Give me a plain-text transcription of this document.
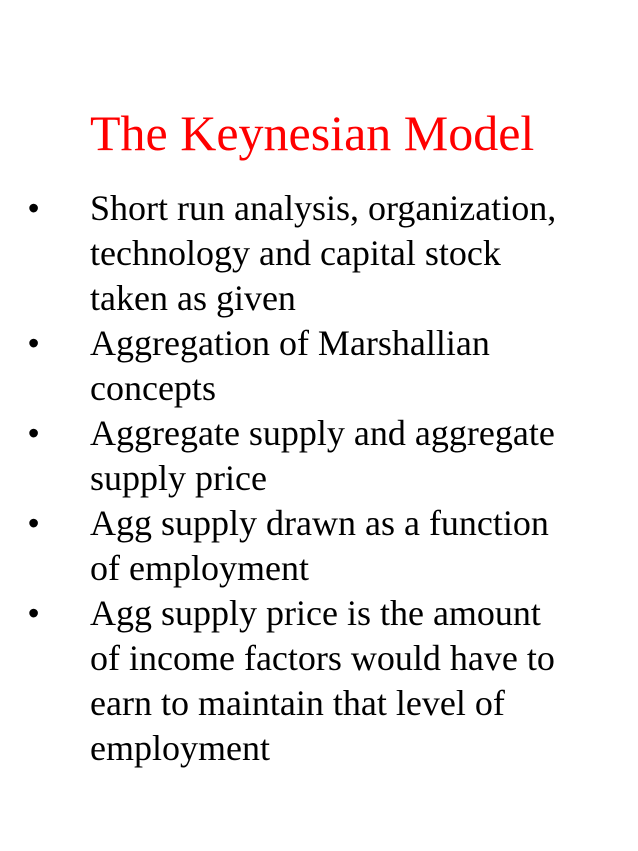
The Keynesian Model
•	Short run analysis, organization,
technology and capital stock
taken as given
•	Aggregation of Marshallian
concepts
•	Aggregate supply and aggregate
supply price
•	Agg supply drawn as a function
of employment
•	Agg supply price is the amount
of income factors would have to
earn to maintain that level of
employment
